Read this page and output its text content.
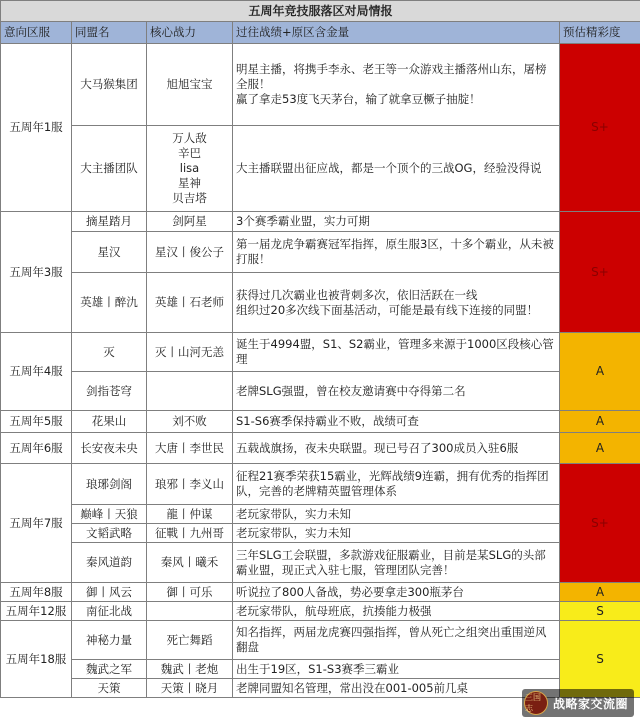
五周年竞技服落区对局情报				
意向区服	同盟名	核心战力	过往战绩+原区含金量	预估精彩度
五周年1服	大马猴集团	旭旭宝宝	明星主播，将携手李永、老王等一众游戏主播落州山东，屠榜全服！
赢了拿走53度飞天茅台，输了就拿豆橛子抽腚！	S+
	大主播团队	万人敌
辛巴
lisa
星神
贝吉塔	大主播联盟出征应战，都是一个顶个的三战OG，经验没得说	
五周年3服	摘星踏月	剑阿星	3个赛季霸业盟，实力可期	S+
	星汉	星汉丨俊公子	第一届龙虎争霸赛冠军指挥，原生服3区，十多个霸业，从未被打服！	
	英雄丨醉氿	英雄丨石老师	获得过几次霸业也被背刺多次，依旧活跃在一线
组织过20多次线下面基活动，可能是最有线下连接的同盟！	
五周年4服	灭	灭丨山河无恙	诞生于4994盟，S1、S2霸业，管理多来源于1000区段核心管理	A
	剑指苍穹		老牌SLG强盟，曾在校友邀请赛中夺得第二名	
五周年5服	花果山	刘不败	S1-S6赛季保持霸业不败，战绩可查	A
五周年6服	长安夜未央	大唐丨李世民	五载战旗扬，夜未央联盟。现已号召了300成员入驻6服	A
五周年7服	琅琊剑阁	琅邪丨李义山	征程21赛季荣获15霸业，光辉战绩9连霸，拥有优秀的指挥团队，完善的老牌精英盟管理体系	S+
	巅峰丨天狼	龍丨仲谋	老玩家带队，实力未知	
	文韬武略	征戰丨九州哥	老玩家带队，实力未知	
	秦风道韵	秦风丨曦禾	三年SLG工会联盟，多款游戏征服霸业，目前是某SLG的头部霸业盟，现正式入驻七服，管理团队完善！	
五周年8服	御丨风云	御丨可乐	听说拉了800人备战，势必要拿走300瓶茅台	A
五周年12服	南征北战		老玩家带队，航母班底，抗揍能力极强	S
五周年18服	神秘力量	死亡舞蹈	知名指挥，两届龙虎赛四强指挥，曾从死亡之组突出重围逆风翻盘	S
	魏武之军	魏武丨老炮	出生于19区，S1-S3赛季三霸业	
	天策	天策丨晓月	老牌同盟知名管理，常出没在001-005前几桌	
三国志	战略家交流圈
